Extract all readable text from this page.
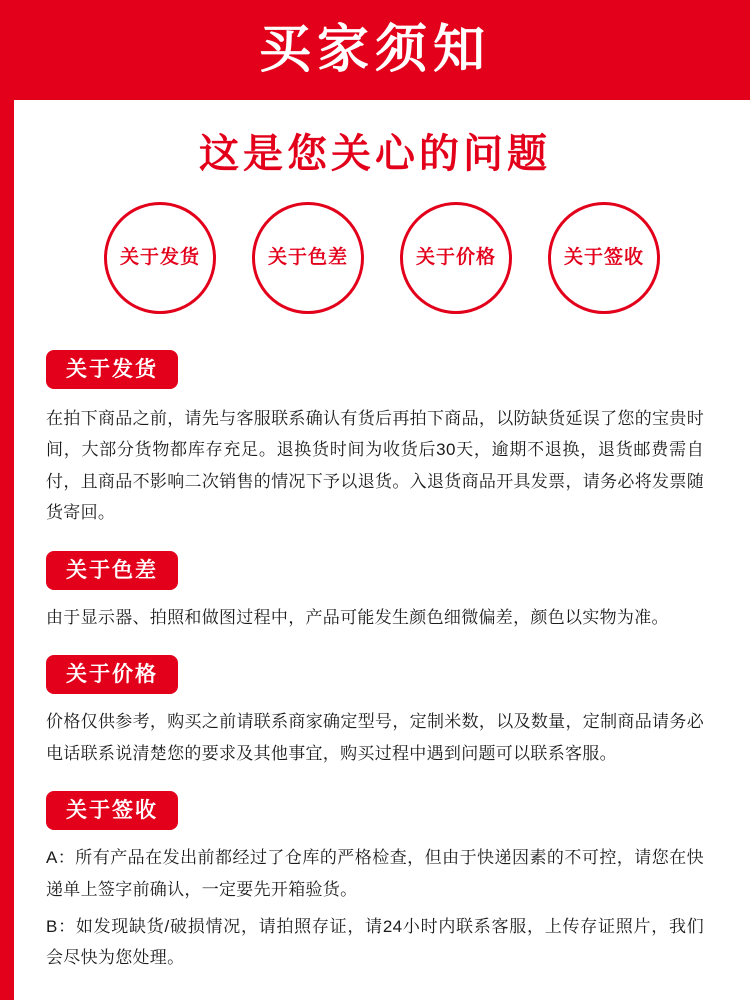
买家须知
这是您关心的问题
关于发货	关于色差	关于价格	关于签收
关于发货

在拍下商品之前，请先与客服联系确认有货后再拍下商品，以防缺货延误了您的宝贵时间，大部分货物都库存充足。退换货时间为收货后30天，逾期不退换，退货邮费需自付，且商品不影响二次销售的情况下予以退货。入退货商品开具发票，请务必将发票随货寄回。

关于色差

由于显示器、拍照和做图过程中，产品可能发生颜色细微偏差，颜色以实物为准。

关于价格

价格仅供参考，购买之前请联系商家确定型号，定制米数，以及数量，定制商品请务必电话联系说清楚您的要求及其他事宜，购买过程中遇到问题可以联系客服。

关于签收

A：所有产品在发出前都经过了仓库的严格检查，但由于快递因素的不可控，请您在快递单上签字前确认，一定要先开箱验货。

B：如发现缺货/破损情况，请拍照存证，请24小时内联系客服，上传存证照片，我们会尽快为您处理。
